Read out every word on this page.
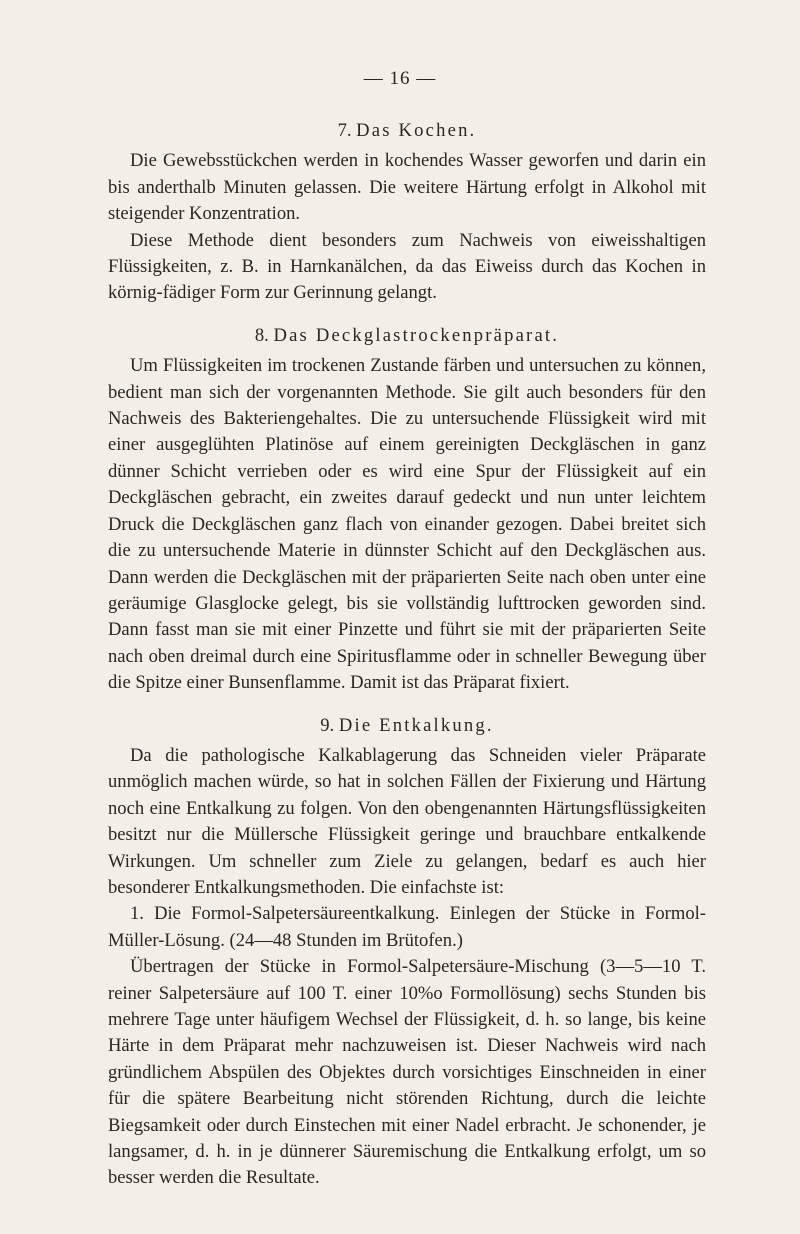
— 16 —
7. Das Kochen.

Die Gewebsstückchen werden in kochendes Wasser geworfen und darin ein bis anderthalb Minuten gelassen. Die weitere Härtung erfolgt in Alkohol mit steigender Konzentration.

Diese Methode dient besonders zum Nachweis von eiweisshaltigen Flüssigkeiten, z. B. in Harnkanälchen, da das Eiweiss durch das Kochen in körnig-fädiger Form zur Gerinnung gelangt.

8. Das Deckglastrockenpräparat.

Um Flüssigkeiten im trockenen Zustande färben und untersuchen zu können, bedient man sich der vorgenannten Methode. Sie gilt auch besonders für den Nachweis des Bakteriengehaltes. Die zu untersuchende Flüssigkeit wird mit einer ausgeglühten Platinöse auf einem gereinigten Deckgläschen in ganz dünner Schicht verrieben oder es wird eine Spur der Flüssigkeit auf ein Deckgläschen gebracht, ein zweites darauf gedeckt und nun unter leichtem Druck die Deckgläschen ganz flach von einander gezogen. Dabei breitet sich die zu untersuchende Materie in dünnster Schicht auf den Deckgläschen aus. Dann werden die Deckgläschen mit der präparierten Seite nach oben unter eine geräumige Glasglocke gelegt, bis sie vollständig lufttrocken geworden sind. Dann fasst man sie mit einer Pinzette und führt sie mit der präparierten Seite nach oben dreimal durch eine Spiritusflamme oder in schneller Bewegung über die Spitze einer Bunsenflamme. Damit ist das Präparat fixiert.

9. Die Entkalkung.

Da die pathologische Kalkablagerung das Schneiden vieler Präparate unmöglich machen würde, so hat in solchen Fällen der Fixierung und Härtung noch eine Entkalkung zu folgen. Von den obengenannten Härtungsflüssigkeiten besitzt nur die Müllersche Flüssigkeit geringe und brauchbare entkalkende Wirkungen. Um schneller zum Ziele zu gelangen, bedarf es auch hier besonderer Entkalkungsmethoden. Die einfachste ist:

1. Die Formol-Salpetersäureentkalkung. Einlegen der Stücke in Formol-Müller-Lösung. (24—48 Stunden im Brütofen.)

Übertragen der Stücke in Formol-Salpetersäure-Mischung (3—5—10 T. reiner Salpetersäure auf 100 T. einer 10%o Formollösung) sechs Stunden bis mehrere Tage unter häufigem Wechsel der Flüssigkeit, d. h. so lange, bis keine Härte in dem Präparat mehr nachzuweisen ist. Dieser Nachweis wird nach gründlichem Abspülen des Objektes durch vorsichtiges Einschneiden in einer für die spätere Bearbeitung nicht störenden Richtung, durch die leichte Biegsamkeit oder durch Einstechen mit einer Nadel erbracht. Je schonender, je langsamer, d. h. in je dünnerer Säuremischung die Entkalkung erfolgt, um so besser werden die Resultate.
